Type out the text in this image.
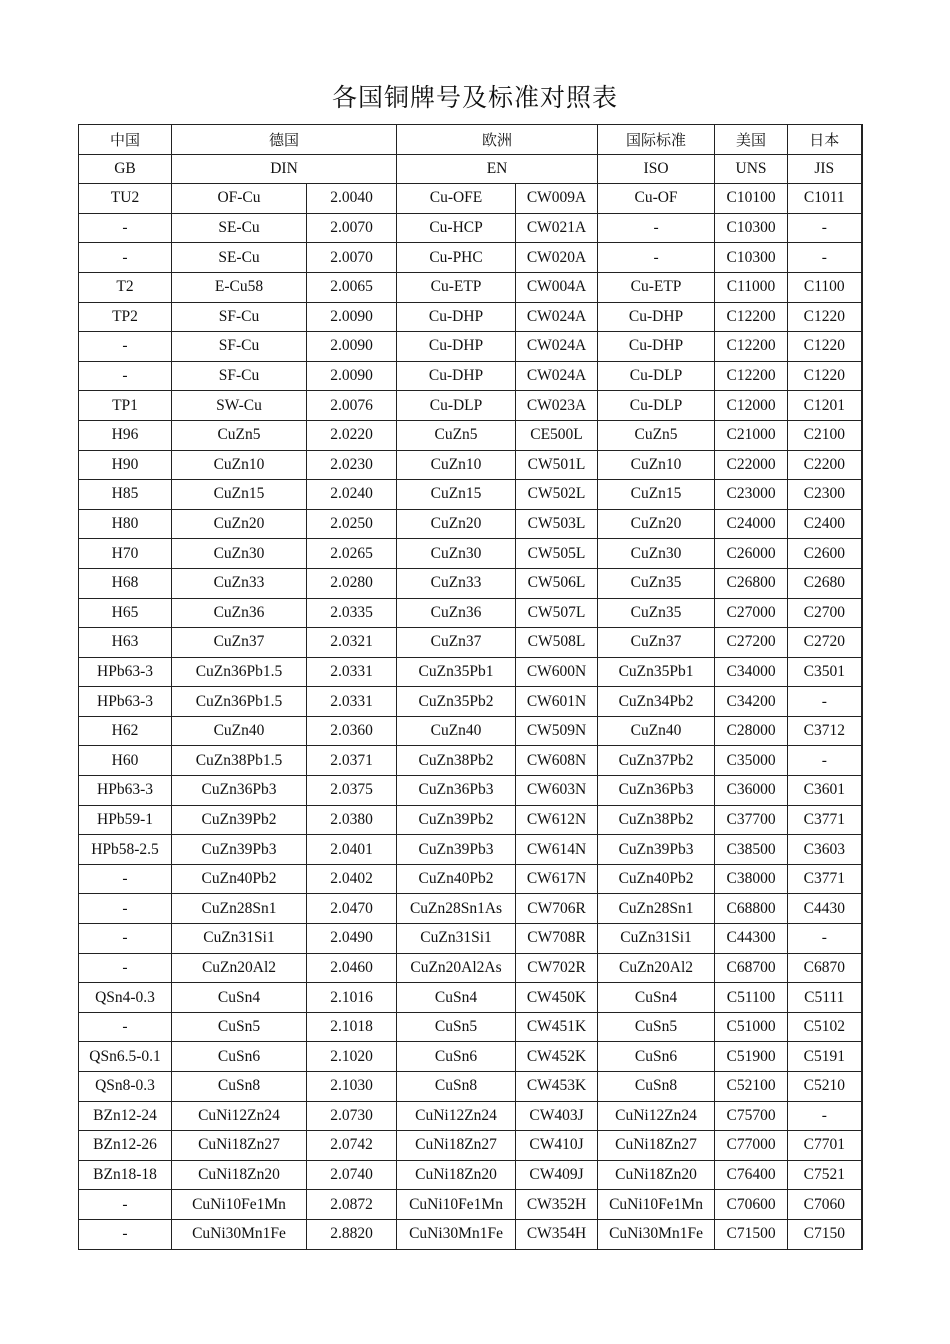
各国铜牌号及标准对照表
中国	德国		欧洲		国际标准	美国	日本
GB	DIN		EN		ISO	UNS	JIS
TU2	OF-Cu	2.0040	Cu-OFE	CW009A	Cu-OF	C10100	C1011
-	SE-Cu	2.0070	Cu-HCP	CW021A	-	C10300	-
-	SE-Cu	2.0070	Cu-PHC	CW020A	-	C10300	-
T2	E-Cu58	2.0065	Cu-ETP	CW004A	Cu-ETP	C11000	C1100
TP2	SF-Cu	2.0090	Cu-DHP	CW024A	Cu-DHP	C12200	C1220
-	SF-Cu	2.0090	Cu-DHP	CW024A	Cu-DHP	C12200	C1220
-	SF-Cu	2.0090	Cu-DHP	CW024A	Cu-DLP	C12200	C1220
TP1	SW-Cu	2.0076	Cu-DLP	CW023A	Cu-DLP	C12000	C1201
H96	CuZn5	2.0220	CuZn5	CE500L	CuZn5	C21000	C2100
H90	CuZn10	2.0230	CuZn10	CW501L	CuZn10	C22000	C2200
H85	CuZn15	2.0240	CuZn15	CW502L	CuZn15	C23000	C2300
H80	CuZn20	2.0250	CuZn20	CW503L	CuZn20	C24000	C2400
H70	CuZn30	2.0265	CuZn30	CW505L	CuZn30	C26000	C2600
H68	CuZn33	2.0280	CuZn33	CW506L	CuZn35	C26800	C2680
H65	CuZn36	2.0335	CuZn36	CW507L	CuZn35	C27000	C2700
H63	CuZn37	2.0321	CuZn37	CW508L	CuZn37	C27200	C2720
HPb63-3	CuZn36Pb1.5	2.0331	CuZn35Pb1	CW600N	CuZn35Pb1	C34000	C3501
HPb63-3	CuZn36Pb1.5	2.0331	CuZn35Pb2	CW601N	CuZn34Pb2	C34200	-
H62	CuZn40	2.0360	CuZn40	CW509N	CuZn40	C28000	C3712
H60	CuZn38Pb1.5	2.0371	CuZn38Pb2	CW608N	CuZn37Pb2	C35000	-
HPb63-3	CuZn36Pb3	2.0375	CuZn36Pb3	CW603N	CuZn36Pb3	C36000	C3601
HPb59-1	CuZn39Pb2	2.0380	CuZn39Pb2	CW612N	CuZn38Pb2	C37700	C3771
HPb58-2.5	CuZn39Pb3	2.0401	CuZn39Pb3	CW614N	CuZn39Pb3	C38500	C3603
-	CuZn40Pb2	2.0402	CuZn40Pb2	CW617N	CuZn40Pb2	C38000	C3771
-	CuZn28Sn1	2.0470	CuZn28Sn1As	CW706R	CuZn28Sn1	C68800	C4430
-	CuZn31Si1	2.0490	CuZn31Si1	CW708R	CuZn31Si1	C44300	-
-	CuZn20Al2	2.0460	CuZn20Al2As	CW702R	CuZn20Al2	C68700	C6870
QSn4-0.3	CuSn4	2.1016	CuSn4	CW450K	CuSn4	C51100	C5111
-	CuSn5	2.1018	CuSn5	CW451K	CuSn5	C51000	C5102
QSn6.5-0.1	CuSn6	2.1020	CuSn6	CW452K	CuSn6	C51900	C5191
QSn8-0.3	CuSn8	2.1030	CuSn8	CW453K	CuSn8	C52100	C5210
BZn12-24	CuNi12Zn24	2.0730	CuNi12Zn24	CW403J	CuNi12Zn24	C75700	-
BZn12-26	CuNi18Zn27	2.0742	CuNi18Zn27	CW410J	CuNi18Zn27	C77000	C7701
BZn18-18	CuNi18Zn20	2.0740	CuNi18Zn20	CW409J	CuNi18Zn20	C76400	C7521
-	CuNi10Fe1Mn	2.0872	CuNi10Fe1Mn	CW352H	CuNi10Fe1Mn	C70600	C7060
-	CuNi30Mn1Fe	2.8820	CuNi30Mn1Fe	CW354H	CuNi30Mn1Fe	C71500	C7150
